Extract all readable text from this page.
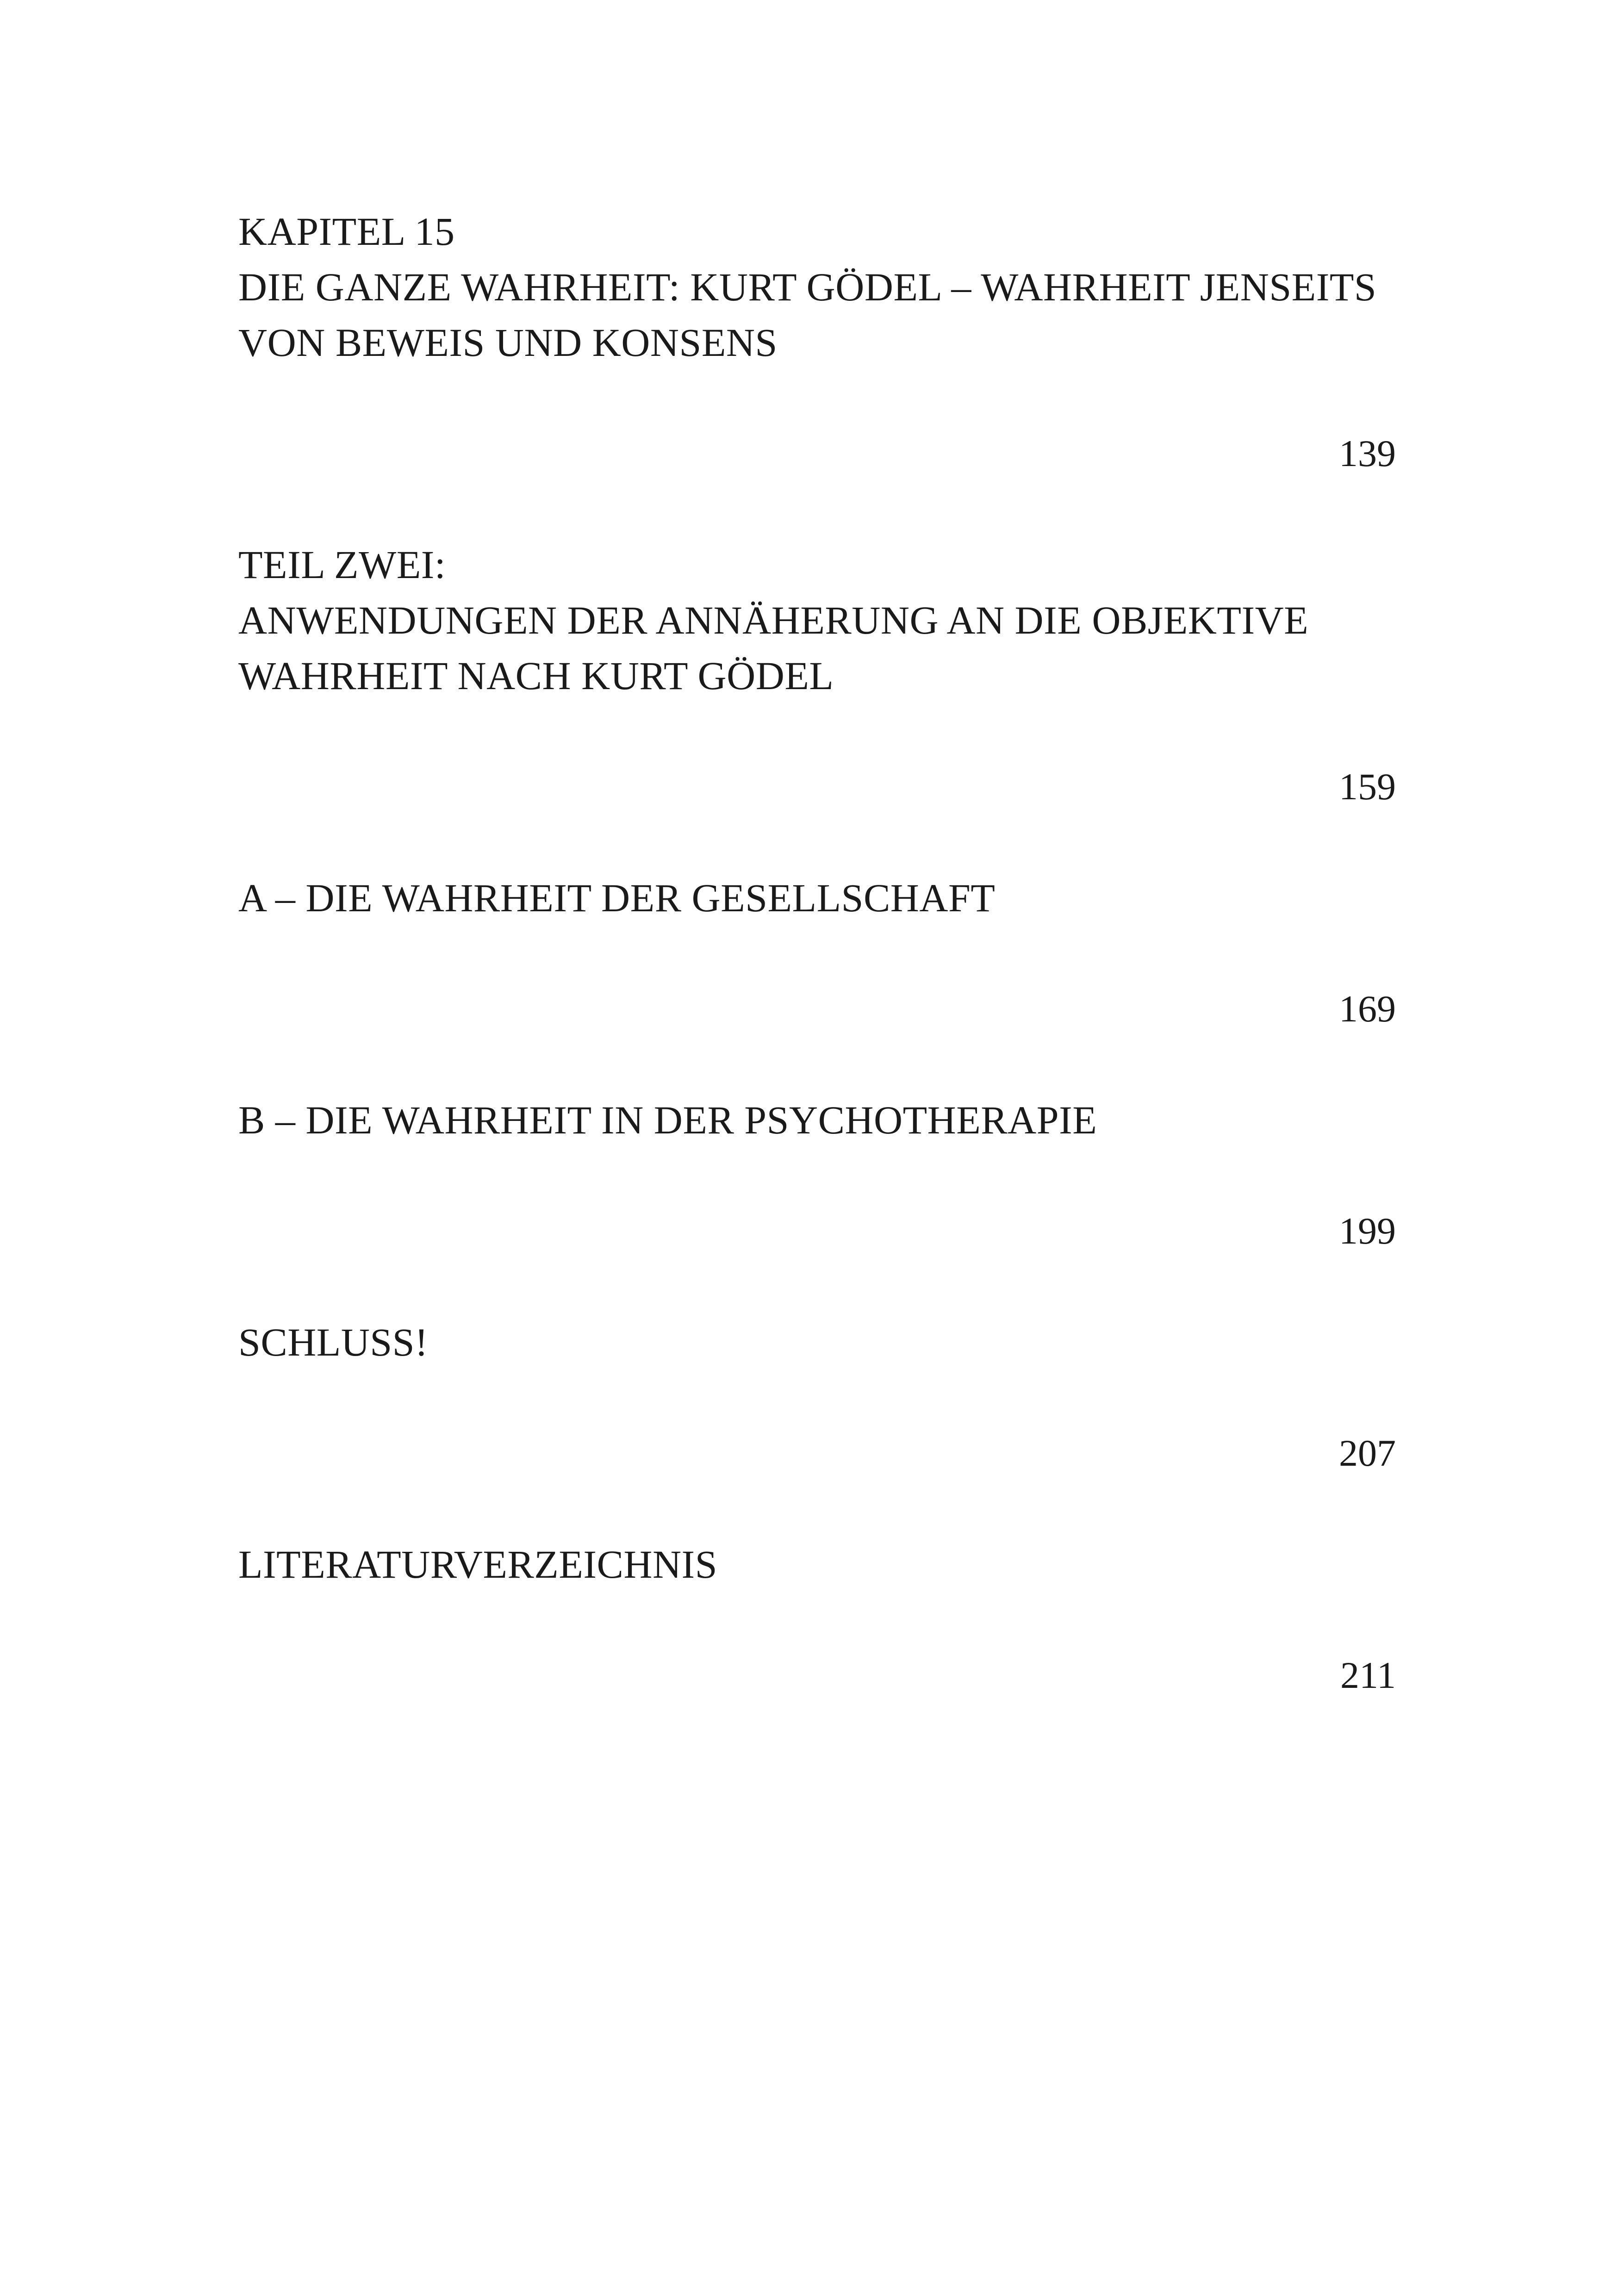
KAPITEL 15
DIE GANZE WAHRHEIT: KURT GÖDEL – WAHRHEIT JENSEITS
VON BEWEIS UND KONSENS
139
TEIL ZWEI:
ANWENDUNGEN DER ANNÄHERUNG AN DIE OBJEKTIVE
WAHRHEIT NACH KURT GÖDEL
159
A – DIE WAHRHEIT DER GESELLSCHAFT
169
B – DIE WAHRHEIT IN DER PSYCHOTHERAPIE
199
SCHLUSS!
207
LITERATURVERZEICHNIS
211
